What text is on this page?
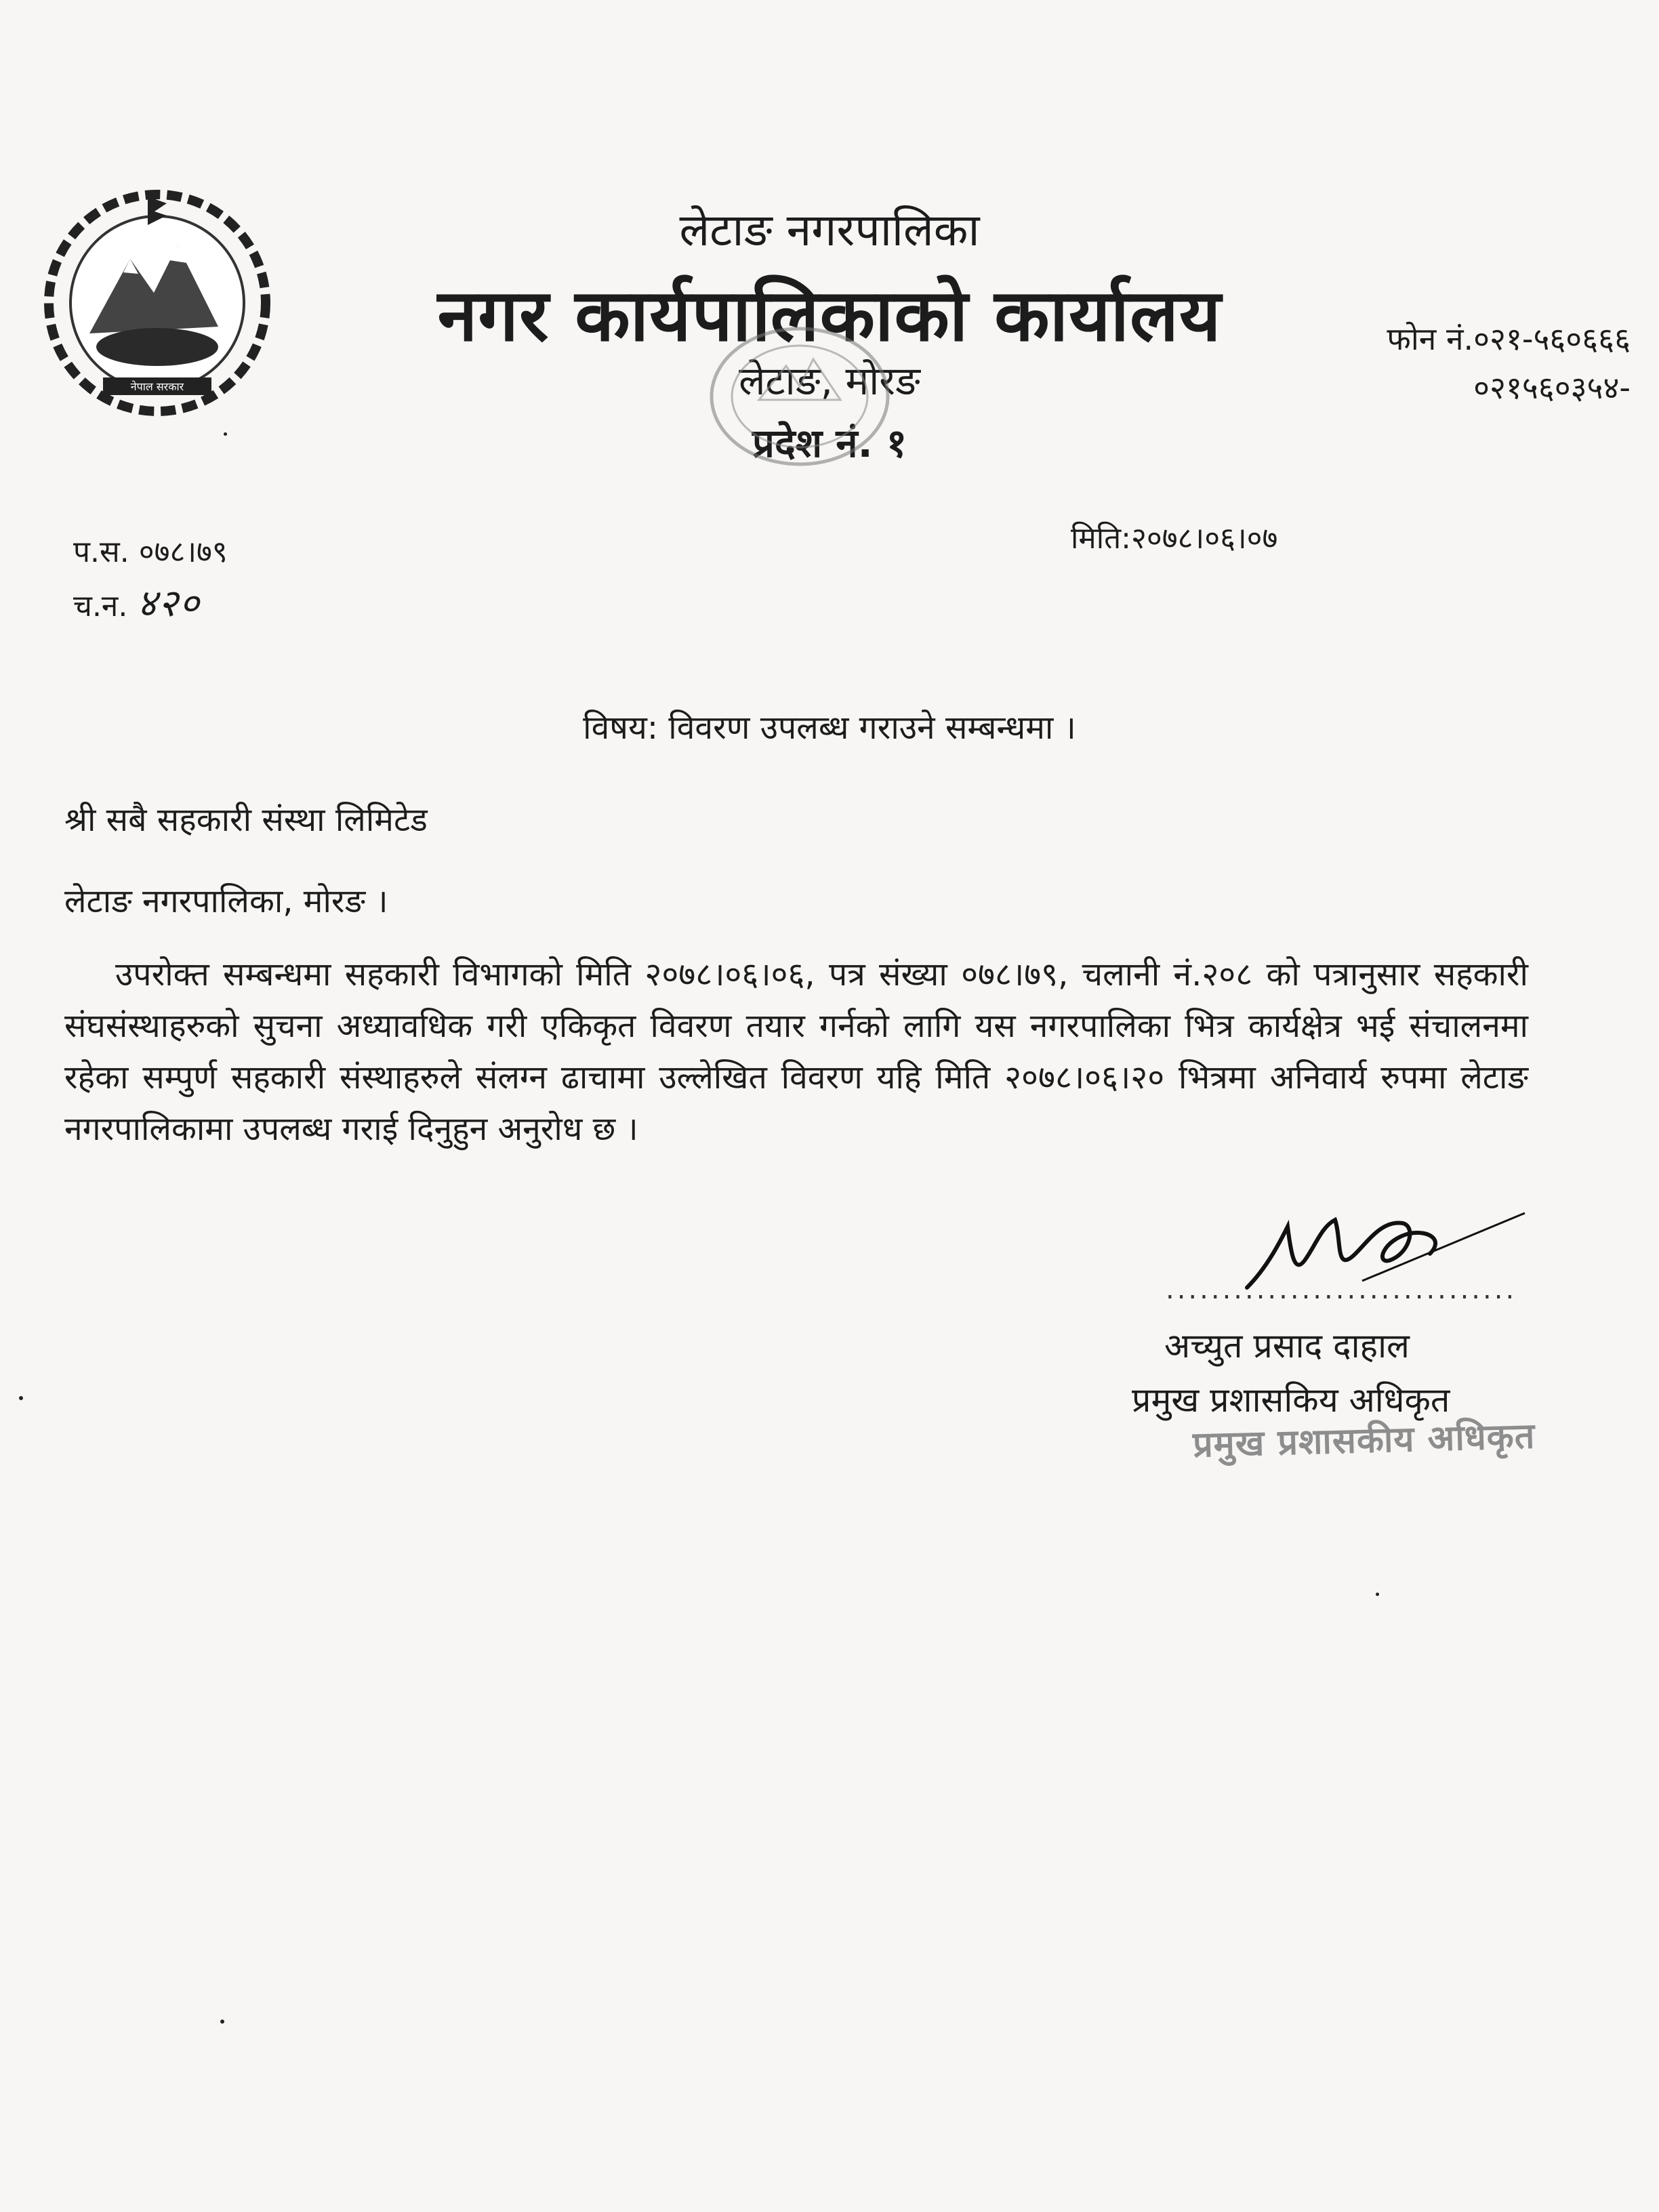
नेपाल सरकार
लेटाङ नगरपालिका
नगर कार्यपालिकाको कार्यालय
लेटाङ, मोरङ
प्रदेश नं. १
फोन नं.०२१-५६०६६६
०२१५६०३५४-
प.स. ०७८।७९
च.न. ४२०
मिति:२०७८।०६।०७
विषय: विवरण उपलब्ध गराउने सम्बन्धमा ।
श्री सबै सहकारी संस्था लिमिटेड
लेटाङ नगरपालिका, मोरङ ।
उपरोक्त सम्बन्धमा सहकारी विभागको मिति २०७८।०६।०६, पत्र संख्या ०७८।७९, चलानी नं.२०८ को पत्रानुसार सहकारी संघसंस्थाहरुको सुचना अध्यावधिक गरी एकिकृत विवरण तयार गर्नको लागि यस नगरपालिका भित्र कार्यक्षेत्र भई संचालनमा रहेका सम्पुर्ण सहकारी संस्थाहरुले संलग्न ढाचामा उल्लेखित विवरण यहि मिति २०७८।०६।२० भित्रमा अनिवार्य रुपमा लेटाङ नगरपालिकामा उपलब्ध गराई दिनुहुन अनुरोध छ ।
...............................
अच्युत प्रसाद दाहाल
प्रमुख प्रशासकिय अधिकृत
प्रमुख प्रशासकीय अधिकृत
